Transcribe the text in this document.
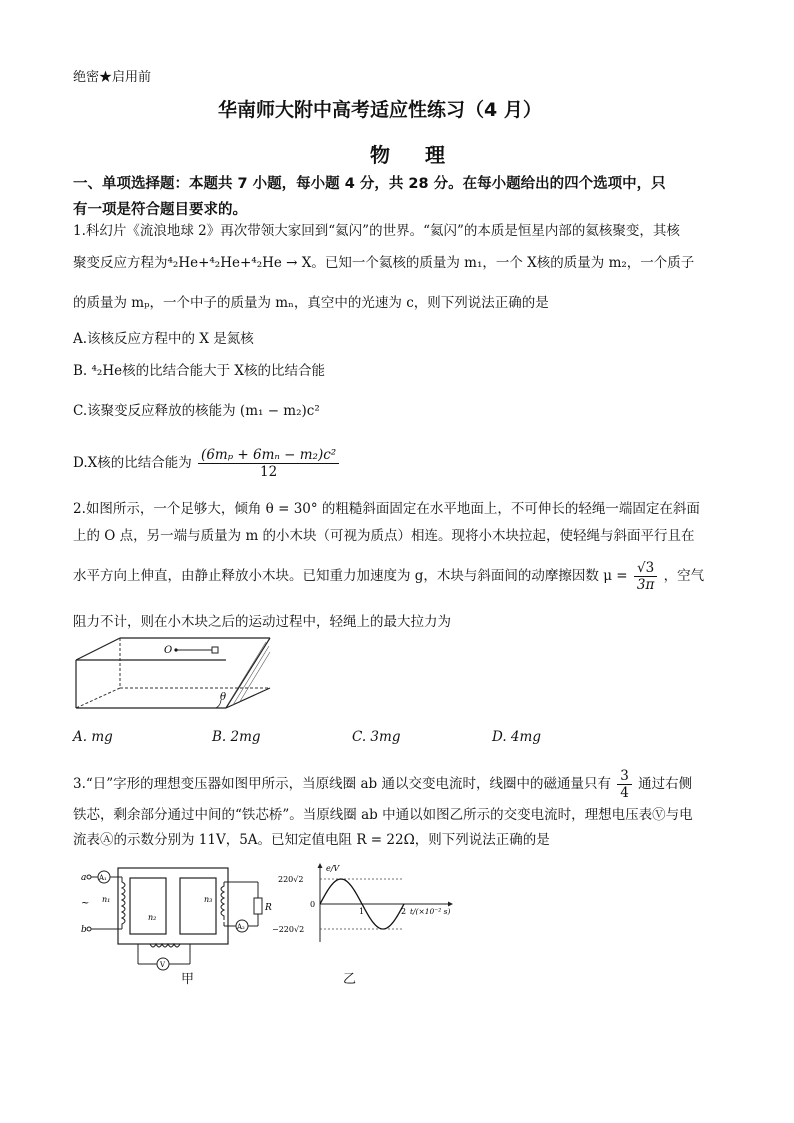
绝密★启用前
华南师大附中高考适应性练习（4 月）
物 理
一、单项选择题：本题共 7 小题，每小题 4 分，共 28 分。在每小题给出的四个选项中，只
有一项是符合题目要求的。
1.科幻片《流浪地球 2》再次带领大家回到“氦闪”的世界。“氦闪”的本质是恒星内部的氦核聚变，其核
聚变反应方程为⁴₂He+⁴₂He+⁴₂He → X。已知一个氦核的质量为 m₁，一个 X核的质量为 m₂，一个质子
的质量为 mₚ，一个中子的质量为 mₙ，真空中的光速为 c，则下列说法正确的是
A.该核反应方程中的 X 是氮核
B. ⁴₂He核的比结合能大于 X核的比结合能
C.该聚变反应释放的核能为 (m₁ − m₂)c²
D.X核的比结合能为 $\frac{\text{(6mₚ + 6mₙ − m₂)c²}}{12}$
2.如图所示，一个足够大，倾角 θ = 30° 的粗糙斜面固定在水平地面上，不可伸长的轻绳一端固定在斜面
上的 O 点，另一端与质量为 m 的小木块（可视为质点）相连。现将小木块拉起，使轻绳与斜面平行且在
水平方向上伸直，由静止释放小木块。已知重力加速度为 g，木块与斜面间的动摩擦因数 $\mu = \frac{√3}{3\pi}$ ，空气
阻力不计，则在小木块之后的运动过程中，轻绳上的最大拉力为
θ
O
A. mg	B. 2mg	C. 3mg	D. 4mg
3.“日”字形的理想变压器如图甲所示，当原线圈 ab 通以交变电流时，线圈中的磁通量只有 $\frac{3}{4}$ 通过右侧
铁芯，剩余部分通过中间的“铁芯桥”。当原线圈 ab 中通以如图乙所示的交变电流时，理想电压表Ⓥ与电
流表Ⓐ的示数分别为 11V，5A。已知定值电阻 R = 22Ω，则下列说法正确的是
a
~
b
A₁
n₁
n₂
V
n₃
R
A₂
甲
e/V
220√2
0
−220√2
1	2 t/(×10⁻² s)
乙
